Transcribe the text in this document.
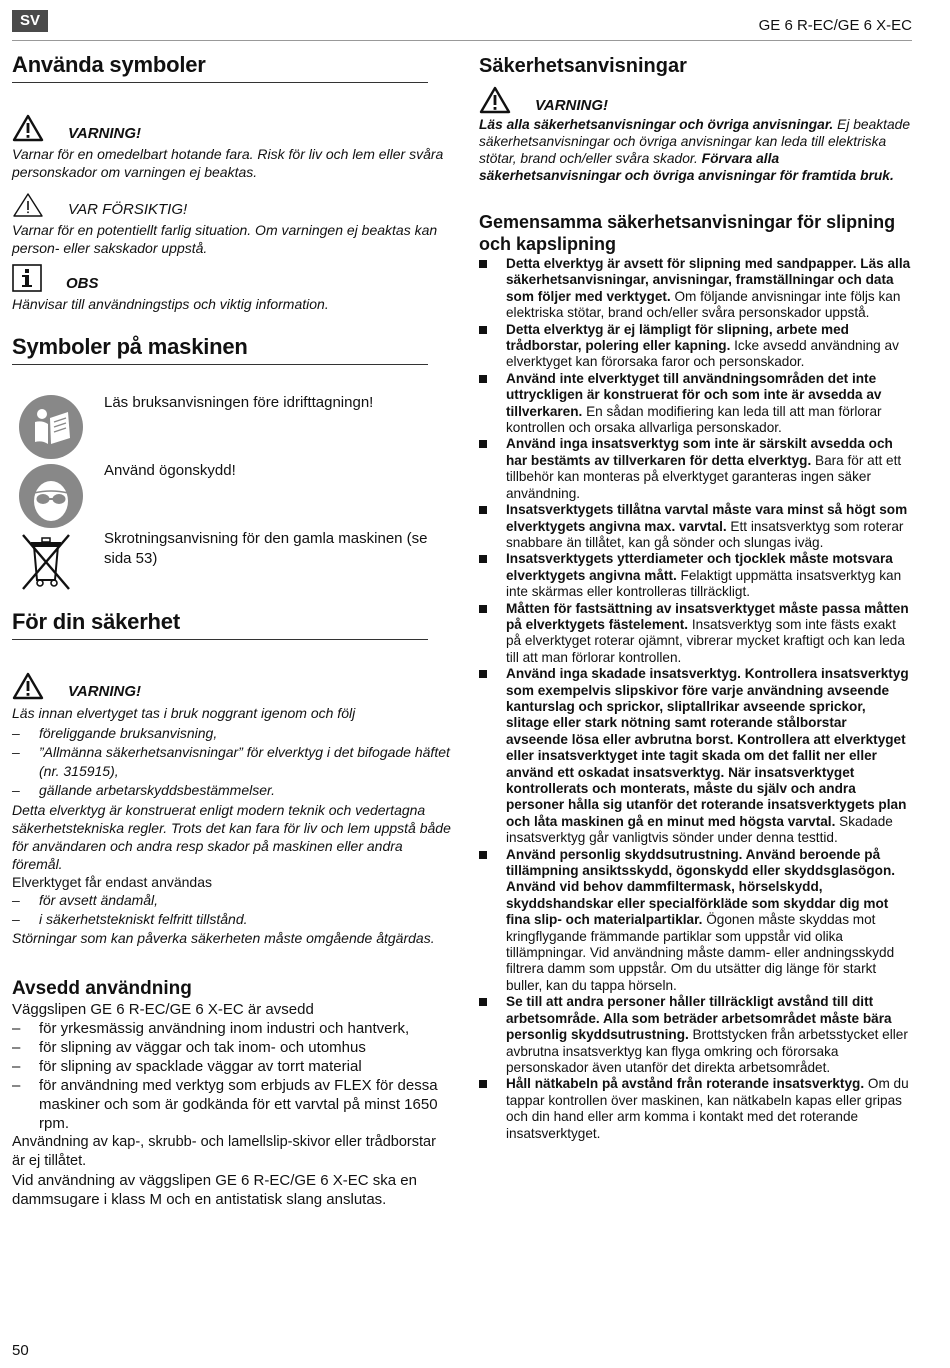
SV	GE 6 R-EC/GE 6 X-EC
Använda symboler
VARNING!
Varnar för en omedelbart hotande fara. Risk för liv och lem eller svåra personskador om varningen ej beaktas.
VAR FÖRSIKTIG!
Varnar för en potentiellt farlig situation. Om varningen ej beaktas kan person- eller sakskador uppstå.
OBS
Hänvisar till användningstips och viktig information.
Symboler på maskinen
Läs bruksanvisningen före idrifttagningn!
Använd ögonskydd!
Skrotningsanvisning för den gamla maskinen (se sida 53)
För din säkerhet
VARNING!
Läs innan elvertyget tas i bruk noggrant igenom och följ
–	föreliggande bruksanvisning,
–	”Allmänna säkerhetsanvisningar” för elverktyg i det bifogade häftet (nr. 315915),
–	gällande arbetarskyddsbestämmelser.
Detta elverktyg är konstruerat enligt modern teknik och vedertagna säkerhetstekniska regler. Trots det kan fara för liv och lem uppstå både för användaren och andra resp skador på maskinen eller andra föremål.
Elverktyget får endast användas
–	för avsett ändamål,
–	i säkerhetstekniskt felfritt tillstånd.
Störningar som kan påverka säkerheten måste omgående åtgärdas.
Avsedd användning
Väggslipen GE 6 R-EC/GE 6 X-EC är avsedd
–	för yrkesmässig användning inom industri och hantverk,
–	för slipning av väggar och tak inom- och utomhus
–	för slipning av spacklade väggar av torrt material
–	för användning med verktyg som erbjuds av FLEX för dessa maskiner och som är godkända för ett varvtal på minst 1650 rpm.
Användning av kap-, skrubb- och lamellslip-skivor eller trådborstar är ej tillåtet.
Vid användning av väggslipen GE 6 R-EC/GE 6 X-EC ska en dammsugare i klass M och en antistatisk slang anslutas.
Säkerhetsanvisningar
VARNING!
Läs alla säkerhetsanvisningar och övriga anvisningar. Ej beaktade säkerhetsanvisningar och övriga anvisningar kan leda till elektriska stötar, brand och/eller svåra skador. Förvara alla säkerhetsanvisningar och övriga anvisningar för framtida bruk.
Gemensamma säkerhetsanvisningar för slipning och kapslipning
Detta elverktyg är avsett för slipning med sandpapper. Läs alla säkerhetsanvisningar, anvisningar, framställningar och data som följer med verktyget. Om följande anvisningar inte följs kan elektriska stötar, brand och/eller svåra personskador uppstå.
Detta elverktyg är ej lämpligt för slipning, arbete med trådborstar, polering eller kapning. Icke avsedd användning av elverktyget kan förorsaka faror och personskador.
Använd inte elverktyget till användningsområden det inte uttryckligen är konstruerat för och som inte är avsedda av tillverkaren. En sådan modifiering kan leda till att man förlorar kontrollen och orsaka allvarliga personskador.
Använd inga insatsverktyg som inte är särskilt avsedda och har bestämts av tillverkaren för detta elverktyg. Bara för att ett tillbehör kan monteras på elverktyget garanteras ingen säker användning.
Insatsverktygets tillåtna varvtal måste vara minst så högt som elverktygets angivna max. varvtal. Ett insatsverktyg som roterar snabbare än tillåtet, kan gå sönder och slungas iväg.
Insatsverktygets ytterdiameter och tjocklek måste motsvara elverktygets angivna mått. Felaktigt uppmätta insatsverktyg kan inte skärmas eller kontrolleras tillräckligt.
Måtten för fastsättning av insatsverktyget måste passa måtten på elverktygets fästelement. Insatsverktyg som inte fästs exakt på elverktyget roterar ojämnt, vibrerar mycket kraftigt och kan leda till att man förlorar kontrollen.
Använd inga skadade insatsverktyg. Kontrollera insatsverktyg som exempelvis slipskivor före varje användning avseende kanturslag och sprickor, sliptallrikar avseende sprickor, slitage eller stark nötning samt roterande stålborstar avseende lösa eller avbrutna borst. Kontrollera att elverktyget eller insatsverktyget inte tagit skada om det fallit ner eller använd ett oskadat insatsverktyg. När insatsverktyget kontrollerats och monterats, måste du själv och andra personer hålla sig utanför det roterande insatsverktygets plan och låta maskinen gå en minut med högsta varvtal. Skadade insatsverktyg går vanligtvis sönder under denna testtid.
Använd personlig skyddsutrustning. Använd beroende på tillämpning ansiktsskydd, ögonskydd eller skyddsglasögon. Använd vid behov dammfiltermask, hörselskydd, skyddshandskar eller specialförkläde som skyddar dig mot fina slip- och materialpartiklar. Ögonen måste skyddas mot kringflygande främmande partiklar som uppstår vid olika tillämpningar. Vid användning måste damm- eller andningsskydd filtrera damm som uppstår. Om du utsätter dig länge för starkt buller, kan du tappa hörseln.
Se till att andra personer håller tillräckligt avstånd till ditt arbetsområde. Alla som beträder arbetsområdet måste bära personlig skyddsutrustning. Brottstycken från arbetsstycket eller avbrutna insatsverktyg kan flyga omkring och förorsaka personskador även utanför det direkta arbetsområdet.
Håll nätkabeln på avstånd från roterande insatsverktyg. Om du tappar kontrollen över maskinen, kan nätkabeln kapas eller gripas och din hand eller arm komma i kontakt med det roterande insatsverktyget.
50
